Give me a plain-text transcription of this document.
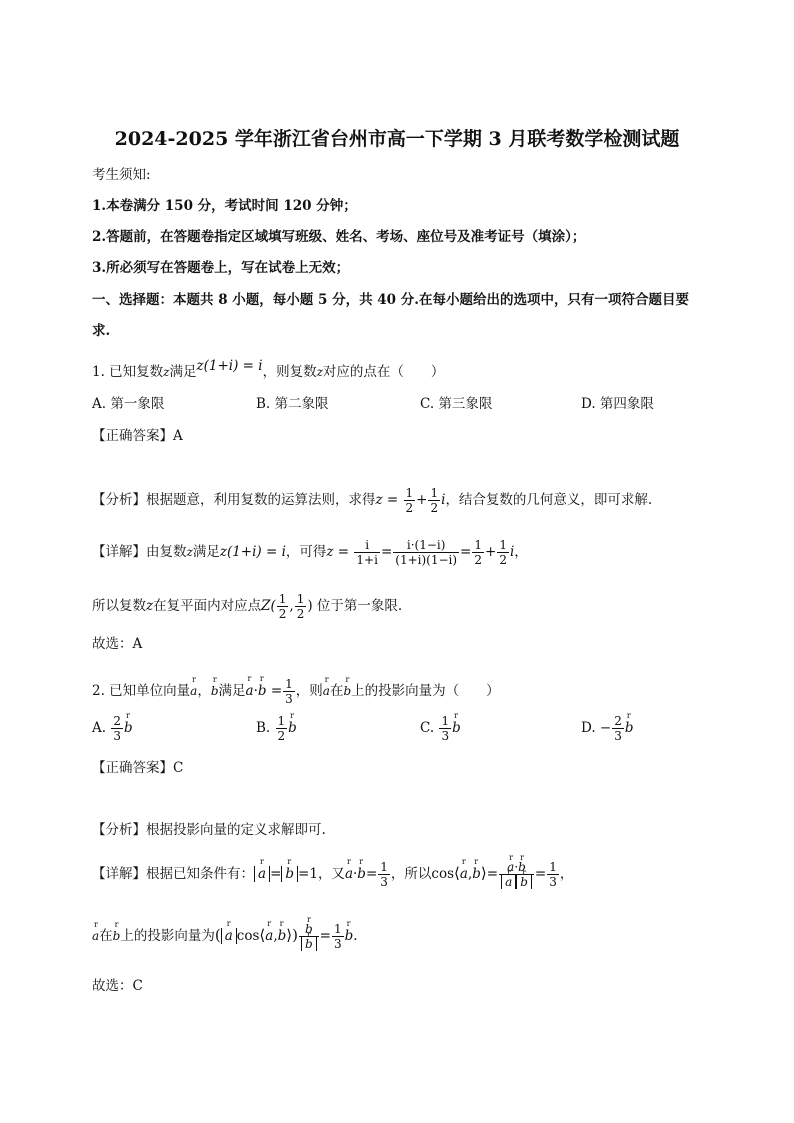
2024-2025 学年浙江省台州市高一下学期 3 月联考数学检测试题
考生须知:
1.本卷满分 150 分，考试时间 120 分钟；
2.答题前，在答题卷指定区域填写班级、姓名、考场、座位号及准考证号（填涂）；
3.所必须写在答题卷上，写在试卷上无效；
一、选择题：本题共 8 小题，每小题 5 分，共 40 分.在每小题给出的选项中，只有一项符合题目要
求.
1. 已知复数z满足z(1+i) = i，则复数z对应的点在（　　）
A. 第一象限	B. 第二象限	C. 第三象限	D. 第四象限
【正确答案】A
【分析】根据题意，利用复数的运算法则，求得$z = \frac{1}{2} + \frac{1}{2}$ i，结合复数的几何意义，即可求解.
【详解】由复数z满足z(1+i) = i，可得$z = \frac{i}{1+i} = \frac{i\cdot(1-i)}{(1+i)(1-i)} = \frac{1}{2} + \frac{1}{2}$ i，
所以复数z在复平面内对应点$Z( \frac{1}{2}$ , $\frac{1}{2}$ ) 位于第一象限.
故选：A
2. 已知单位向量r a，r b满足r a·r $b = \frac{1}{3}$ ，则r a在r b上的投影向量为（　　）
A. $\frac{2}{3}$ r b	B. $\frac{1}{2}$ r b	C. $\frac{1}{3}$ r b	D. − $\frac{2}{3}$ r b
【正确答案】C
【分析】根据投影向量的定义求解即可.
【详解】根据已知条件有： r a = r b =1，又r a·r $b= \frac{1}{3}$ ，所以cos⟨r a,r b⟩= r a·r b
r a r $b = \frac{1}{3}$ ，
r a在r b上的投影向量为( r a cos⟨r a,r b⟩) r b
r $b = \frac{1}{3}$ r b.
故选：C
